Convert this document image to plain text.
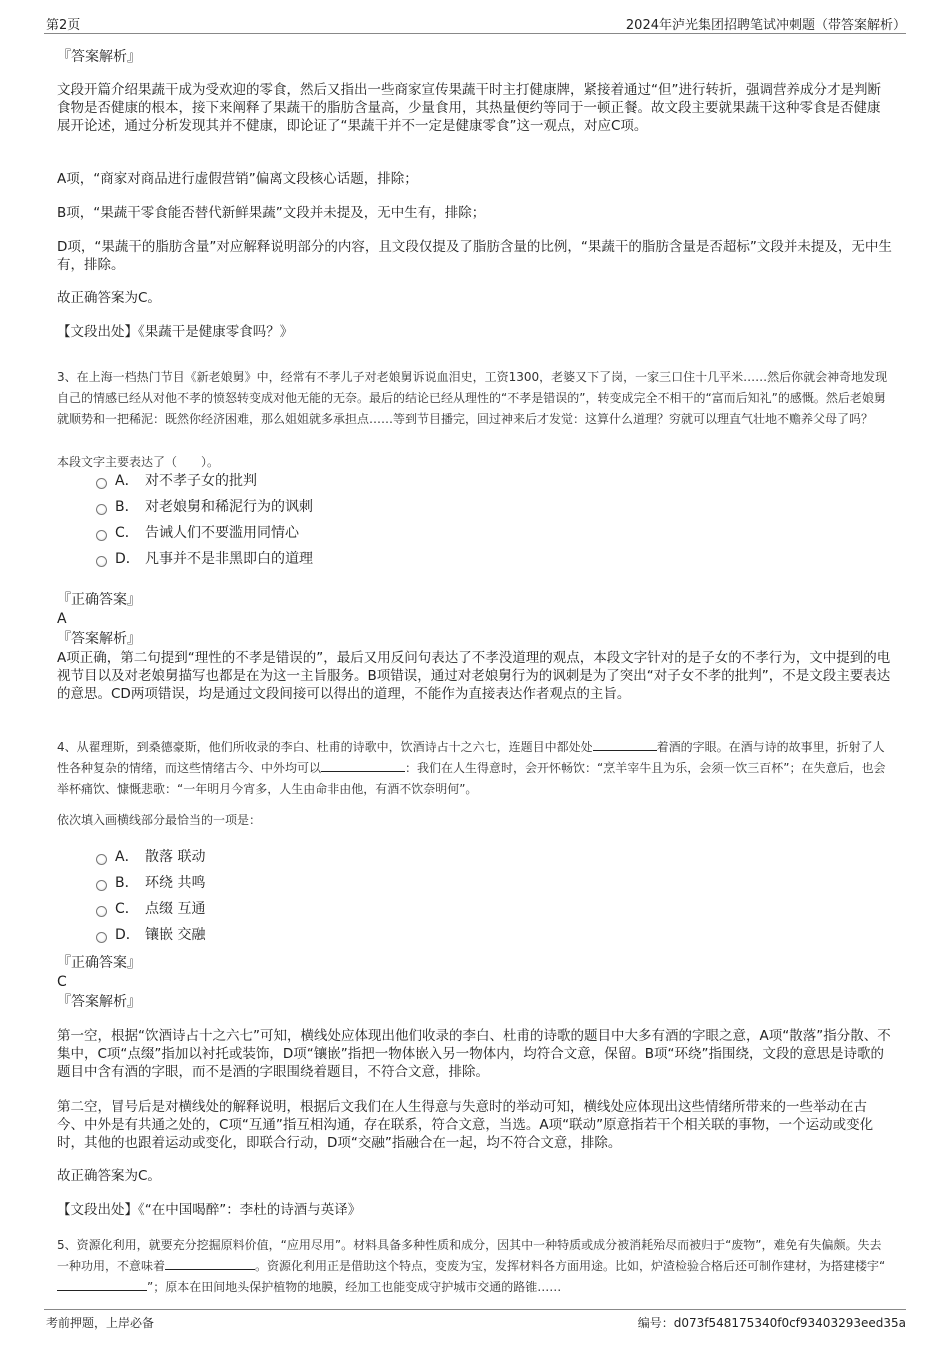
第2页	2024年泸光集团招聘笔试冲刺题（带答案解析）
『答案解析』

文段开篇介绍果蔬干成为受欢迎的零食，然后又指出一些商家宣传果蔬干时主打健康牌，紧接着通过“但”进行转折，强调营养成分才是判断食物是否健康的根本，接下来阐释了果蔬干的脂肪含量高，少量食用，其热量便约等同于一顿正餐。故文段主要就果蔬干这种零食是否健康展开论述，通过分析发现其并不健康，即论证了“果蔬干并不一定是健康零食”这一观点，对应C项。

A项，“商家对商品进行虚假营销”偏离文段核心话题，排除；

B项，“果蔬干零食能否替代新鲜果蔬”文段并未提及，无中生有，排除；

D项，“果蔬干的脂肪含量”对应解释说明部分的内容，且文段仅提及了脂肪含量的比例，“果蔬干的脂肪含量是否超标”文段并未提及，无中生有，排除。

故正确答案为C。

【文段出处】《果蔬干是健康零食吗？》

3、在上海一档热门节目《新老娘舅》中，经常有不孝儿子对老娘舅诉说血泪史，工资1300，老婆又下了岗，一家三口住十几平米……然后你就会神奇地发现自己的情感已经从对他不孝的愤怒转变成对他无能的无奈。最后的结论已经从理性的“不孝是错误的”，转变成完全不相干的“富而后知礼”的感慨。然后老娘舅就顺势和一把稀泥：既然你经济困难，那么姐姐就多承担点……等到节目播完，回过神来后才发觉：这算什么道理？穷就可以理直气壮地不赡养父母了吗？

本段文字主要表达了（　　）。

A． 对不孝子女的批判
B． 对老娘舅和稀泥行为的讽刺
C． 告诫人们不要滥用同情心
D． 凡事并不是非黑即白的道理
『正确答案』
A
『答案解析』

A项正确，第二句提到“理性的不孝是错误的”，最后又用反问句表达了不孝没道理的观点，本段文字针对的是子女的不孝行为，文中提到的电视节目以及对老娘舅描写也都是在为这一主旨服务。B项错误，通过对老娘舅行为的讽刺是为了突出“对子女不孝的批判”，不是文段主要表达的意思。CD两项错误，均是通过文段间接可以得出的道理，不能作为直接表达作者观点的主旨。

4、从翟理斯，到桑德豪斯，他们所收录的李白、杜甫的诗歌中，饮酒诗占十之六七，连题目中都处处	着酒的字眼。在酒与诗的故事里，折射了人性各种复杂的情绪，而这些情绪古今、中外均可以	：我们在人生得意时，会开怀畅饮：“烹羊宰牛且为乐，会须一饮三百杯”；在失意后，也会举杯痛饮、慷慨悲歌：“一年明月今宵多，人生由命非由他，有酒不饮奈明何”。

依次填入画横线部分最恰当的一项是：

A． 散落 联动
B． 环绕 共鸣
C． 点缀 互通
D． 镶嵌 交融
『正确答案』
C
『答案解析』

第一空，根据“饮酒诗占十之六七”可知，横线处应体现出他们收录的李白、杜甫的诗歌的题目中大多有酒的字眼之意，A项“散落”指分散、不集中，C项“点缀”指加以衬托或装饰，D项“镶嵌”指把一物体嵌入另一物体内，均符合文意，保留。B项“环绕”指围绕，文段的意思是诗歌的题目中含有酒的字眼，而不是酒的字眼围绕着题目，不符合文意，排除。

第二空，冒号后是对横线处的解释说明，根据后文我们在人生得意与失意时的举动可知，横线处应体现出这些情绪所带来的一些举动在古今、中外是有共通之处的，C项“互通”指互相沟通，存在联系，符合文意，当选。A项“联动”原意指若干个相关联的事物，一个运动或变化时，其他的也跟着运动或变化，即联合行动，D项“交融”指融合在一起，均不符合文意，排除。

故正确答案为C。

【文段出处】《“在中国喝醉”：李杜的诗酒与英译》

5、资源化利用，就要充分挖掘原料价值，“应用尽用”。材料具备多种性质和成分，因其中一种特质或成分被消耗殆尽而被归于“废物”，难免有失偏颇。失去一种功用，不意味着	。资源化利用正是借助这个特点，变废为宝，发挥材料各方面用途。比如，炉渣检验合格后还可制作建材，为搭建楼宇“”；原本在田间地头保护植物的地膜，经加工也能变成守护城市交通的路锥……

考前押题，上岸必备	编号：d073f548175340f0cf93403293eed35a
